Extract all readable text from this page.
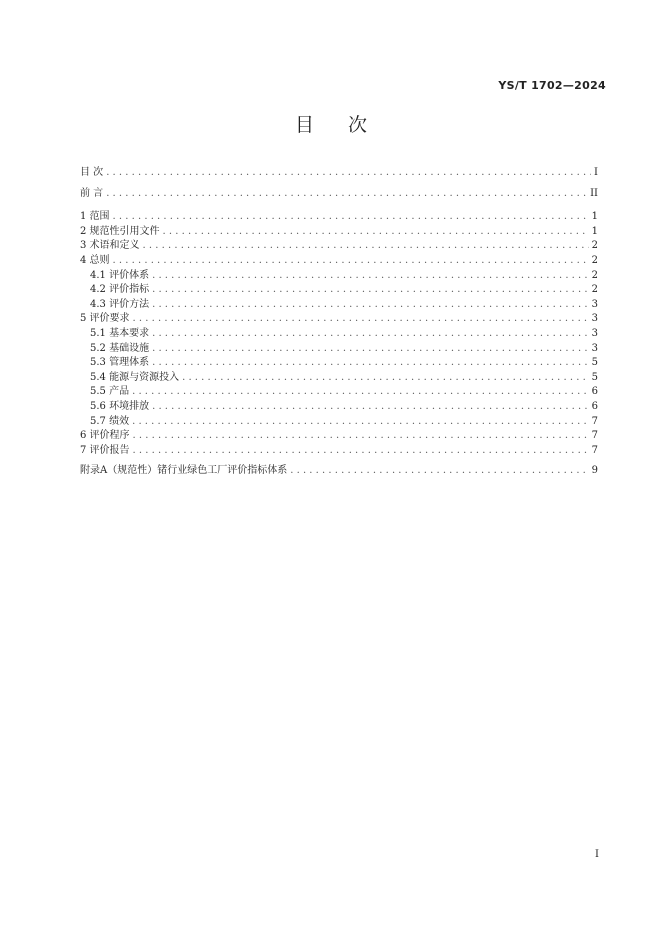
YS/T 1702—2024
目 次
目 次 . . .	I
前 言 . . .	II
1 范围 . . .	1
2 规范性引用文件 . . .	1
3 术语和定义 . . .	2
4 总则 . . .	2
4.1 评价体系 . . .	2
4.2 评价指标 . . .	2
4.3 评价方法 . . .	3
5 评价要求 . . .	3
5.1 基本要求 . . .	3
5.2 基础设施 . . .	3
5.3 管理体系 . . .	5
5.4 能源与资源投入 . . .	5
5.5 产品 . . .	6
5.6 环境排放 . . .	6
5.7 绩效 . . .	7
6 评价程序 . . .	7
7 评价报告 . . .	7
附录A（规范性）锗行业绿色工厂评价指标体系 . . .	9
I
